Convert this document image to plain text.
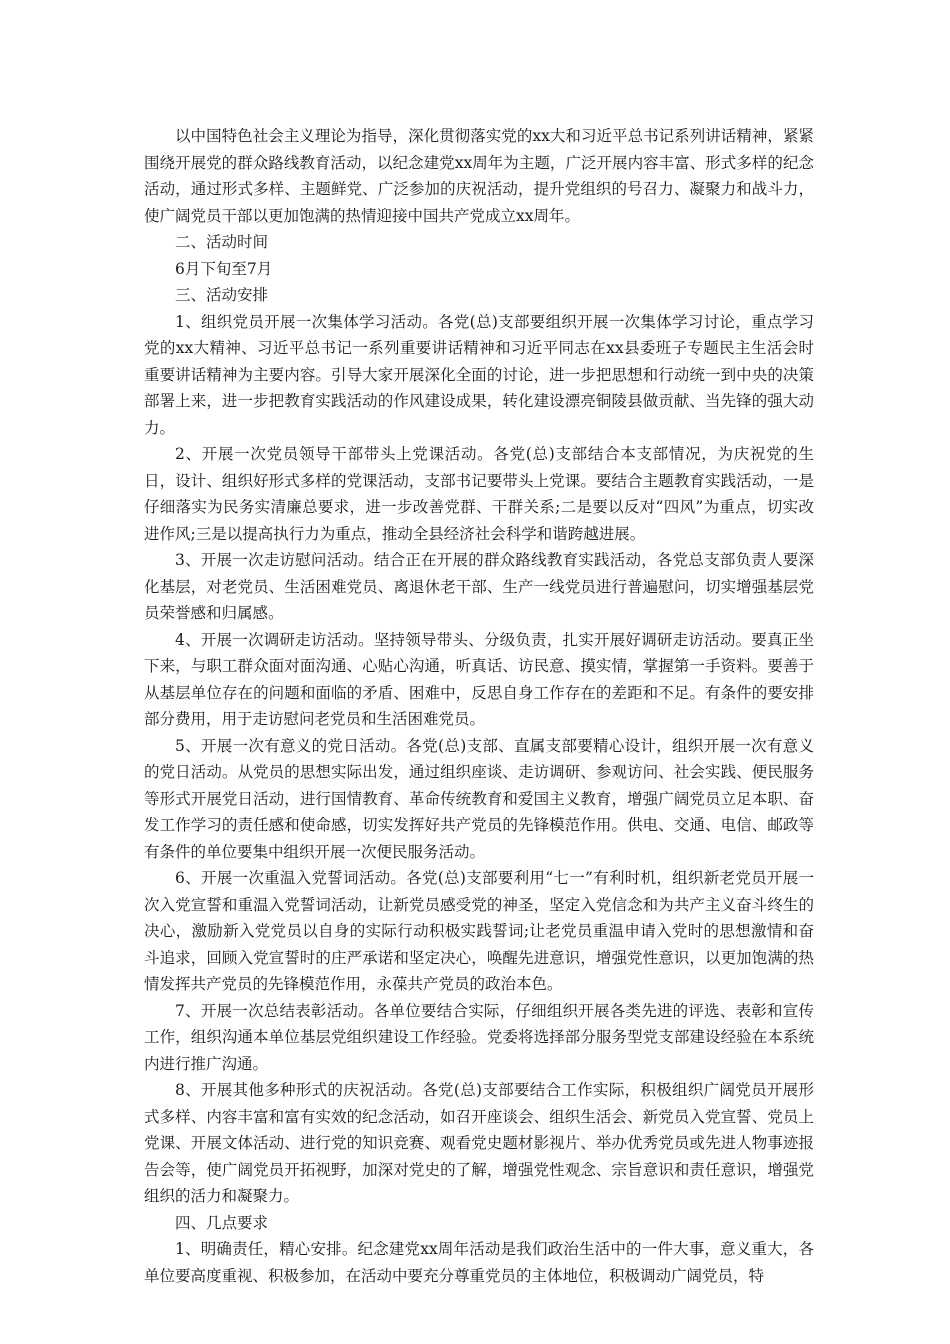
以中国特色社会主义理论为指导，深化贯彻落实党的xx大和习近平总书记系列讲话精神，紧紧围绕开展党的群众路线教育活动，以纪念建党xx周年为主题，广泛开展内容丰富、形式多样的纪念活动，通过形式多样、主题鲜党、广泛参加的庆祝活动，提升党组织的号召力、凝聚力和战斗力，使广阔党员干部以更加饱满的热情迎接中国共产党成立xx周年。

二、活动时间

6月下旬至7月

三、活动安排

1、组织党员开展一次集体学习活动。各党(总)支部要组织开展一次集体学习讨论，重点学习党的xx大精神、习近平总书记一系列重要讲话精神和习近平同志在xx县委班子专题民主生活会时重要讲话精神为主要内容。引导大家开展深化全面的讨论，进一步把思想和行动统一到中央的决策部署上来，进一步把教育实践活动的作风建设成果，转化建设漂亮铜陵县做贡献、当先锋的强大动力。

2、开展一次党员领导干部带头上党课活动。各党(总)支部结合本支部情况，为庆祝党的生日，设计、组织好形式多样的党课活动，支部书记要带头上党课。要结合主题教育实践活动，一是仔细落实为民务实清廉总要求，进一步改善党群、干群关系;二是要以反对“四风”为重点，切实改进作风;三是以提高执行力为重点，推动全县经济社会科学和谐跨越进展。

3、开展一次走访慰问活动。结合正在开展的群众路线教育实践活动，各党总支部负责人要深化基层，对老党员、生活困难党员、离退休老干部、生产一线党员进行普遍慰问，切实增强基层党员荣誉感和归属感。

4、开展一次调研走访活动。坚持领导带头、分级负责，扎实开展好调研走访活动。要真正坐下来，与职工群众面对面沟通、心贴心沟通，听真话、访民意、摸实情，掌握第一手资料。要善于从基层单位存在的问题和面临的矛盾、困难中，反思自身工作存在的差距和不足。有条件的要安排部分费用，用于走访慰问老党员和生活困难党员。

5、开展一次有意义的党日活动。各党(总)支部、直属支部要精心设计，组织开展一次有意义的党日活动。从党员的思想实际出发，通过组织座谈、走访调研、参观访问、社会实践、便民服务等形式开展党日活动，进行国情教育、革命传统教育和爱国主义教育，增强广阔党员立足本职、奋发工作学习的责任感和使命感，切实发挥好共产党员的先锋模范作用。供电、交通、电信、邮政等有条件的单位要集中组织开展一次便民服务活动。

6、开展一次重温入党誓词活动。各党(总)支部要利用“七一”有利时机，组织新老党员开展一次入党宣誓和重温入党誓词活动，让新党员感受党的神圣，坚定入党信念和为共产主义奋斗终生的决心，激励新入党党员以自身的实际行动积极实践誓词;让老党员重温申请入党时的思想激情和奋斗追求，回顾入党宣誓时的庄严承诺和坚定决心，唤醒先进意识，增强党性意识，以更加饱满的热情发挥共产党员的先锋模范作用，永葆共产党员的政治本色。

7、开展一次总结表彰活动。各单位要结合实际，仔细组织开展各类先进的评选、表彰和宣传工作，组织沟通本单位基层党组织建设工作经验。党委将选择部分服务型党支部建设经验在本系统内进行推广沟通。

8、开展其他多种形式的庆祝活动。各党(总)支部要结合工作实际，积极组织广阔党员开展形式多样、内容丰富和富有实效的纪念活动，如召开座谈会、组织生活会、新党员入党宣誓、党员上党课、开展文体活动、进行党的知识竞赛、观看党史题材影视片、举办优秀党员或先进人物事迹报告会等，使广阔党员开拓视野，加深对党史的了解，增强党性观念、宗旨意识和责任意识，增强党组织的活力和凝聚力。

四、几点要求

1、明确责任，精心安排。纪念建党xx周年活动是我们政治生活中的一件大事，意义重大，各单位要高度重视、积极参加，在活动中要充分尊重党员的主体地位，积极调动广阔党员，特
